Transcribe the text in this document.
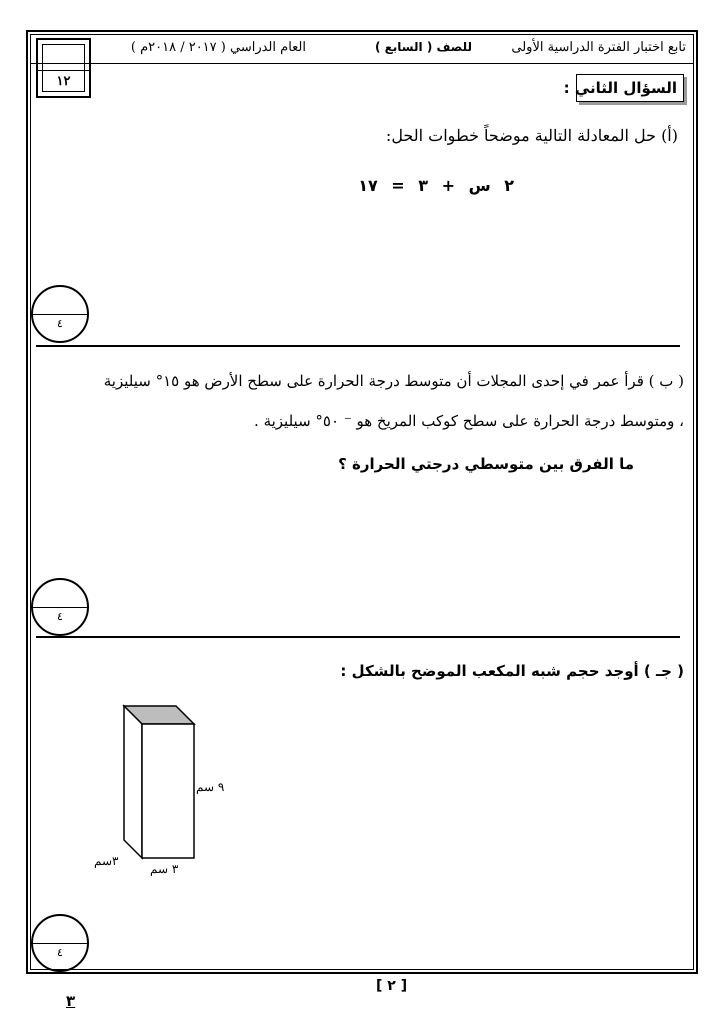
تابع اختبار الفترة الدراسية الأولى
للصف ( السابع )
العام الدراسي ( ٢٠١٧ / ٢٠١٨م )
١٢	السؤال الثاني :
(أ) حل المعادلة التالية موضحاً خطوات الحل:
٢ س + ٣ = ١٧
٤
( ب ) قرأ عمر في إحدى المجلات أن متوسط درجة الحرارة على سطح الأرض هو ١٥° سيليزية
، ومتوسط درجة الحرارة على سطح كوكب المريخ هو ⁻ ٥٠° سيليزية .
ما الفرق بين متوسطي درجتي الحرارة ؟
٤
( جـ ) أوجد حجم شبه المكعب الموضح بالشكل :
٩ سم
٣ سم
٣سم
٤
[ ٢ ]
٣
